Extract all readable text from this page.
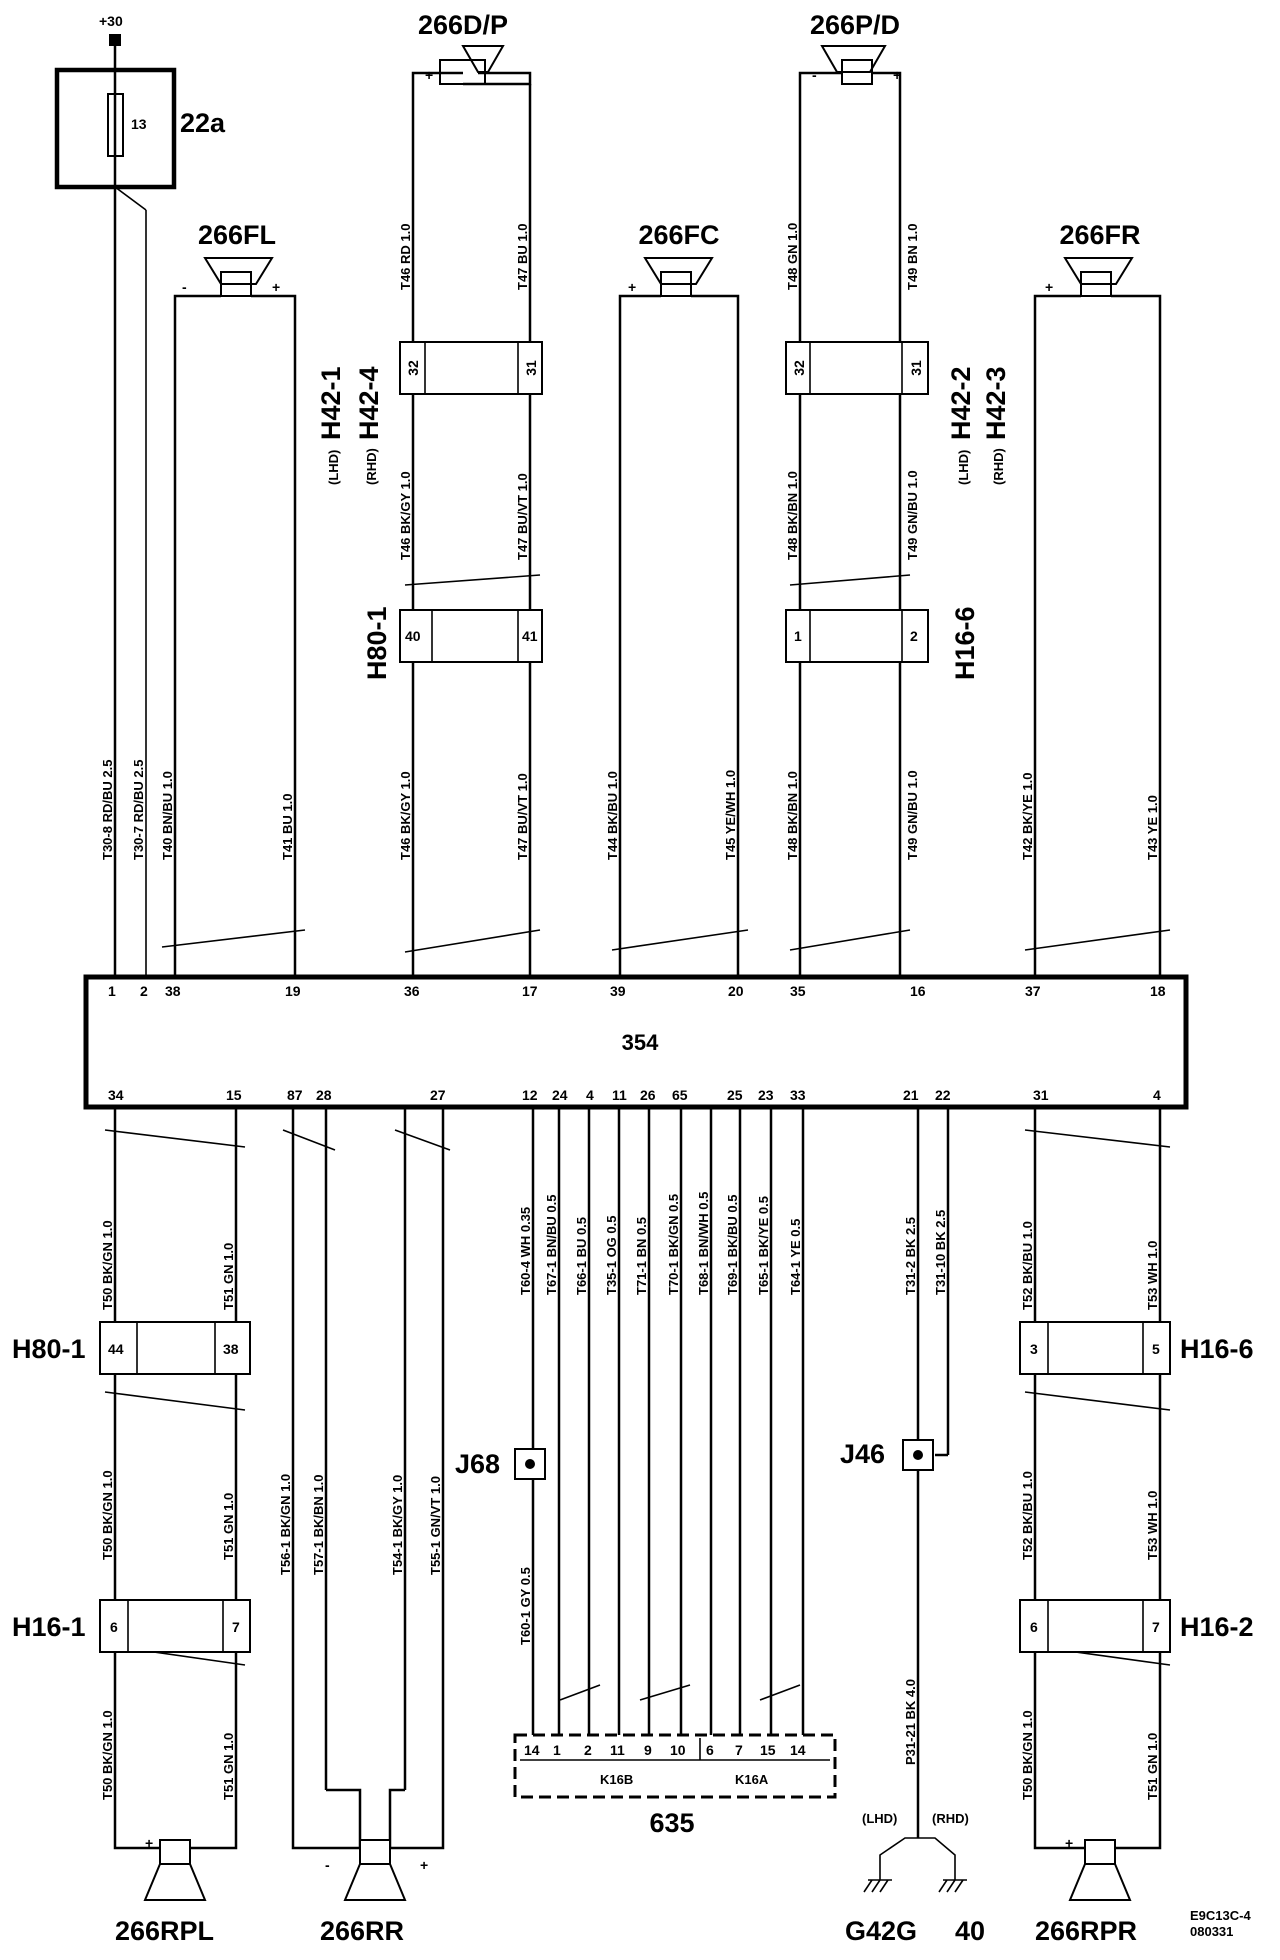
+30
13 22a
266D/P
+
266P/D
-	+
266FL
-	+
266FC
+
266FR
+
32	31
H42-1 H42-4
(LHD) (RHD)
32	31 H42-2 H42-3
(LHD) (RHD)
40	41
H80-1	1	2 H16-6
T46 RD 1.0	T47 BU 1.0	T48 GN 1.0	T49 BN 1.0
T46 BK/GY 1.0	T47 BU/VT 1.0	T48 BK/BN 1.0	T49 GN/BU 1.0
T46 BK/GY 1.0	T47 BU/VT 1.0	T48 BK/BN 1.0	T49 GN/BU 1.0
T30-8 RD/BU 2.5 T30-7 RD/BU 2.5 T40 BN/BU 1.0	T41 BU 1.0	T44 BK/BU 1.0	T45 YE/WH 1.0	T42 BK/YE 1.0	T43 YE 1.0
354
1 2 38	19	36	17	39	20	35	16	37	18
34	15	87 28	27	12 24 4 11 26 65	25 23 33	21 22	31	4
44	38
H80-1
6	7
H16-1
3	5 H16-6
6	7 H16-2
J68	J46
T50 BK/GN 1.0	T51 GN 1.0
T50 BK/GN 1.0	T51 GN 1.0
T50 BK/GN 1.0	T51 GN 1.0
T56-1 BK/GN 1.0 T57-1 BK/BN 1.0	T54-1 BK/GY 1.0 T55-1 GN/VT 1.0
T60-4 WH 0.35 T67-1 BN/BU 0.5 T66-1 BU 0.5 T35-1 OG 0.5 T71-1 BN 0.5 T70-1 BK/GN 0.5 T68-1 BN/WH 0.5 T69-1 BK/BU 0.5 T65-1 BK/YE 0.5 T64-1 YE 0.5	T31-2 BK 2.5 T31-10 BK 2.5	T52 BK/BU 1.0	T53 WH 1.0
T52 BK/BU 1.0	T53 WH 1.0
T50 BK/GN 1.0	T51 GN 1.0
T60-1 GY 0.5
P31-21 BK 4.0
14 1 2 11 9 10 6 7 15 14
K16B	K16A
635	(LHD)	(RHD)
G42G 40
+
266RPL
-	+
266RR
+
266RPR
E9C13C-4
080331
